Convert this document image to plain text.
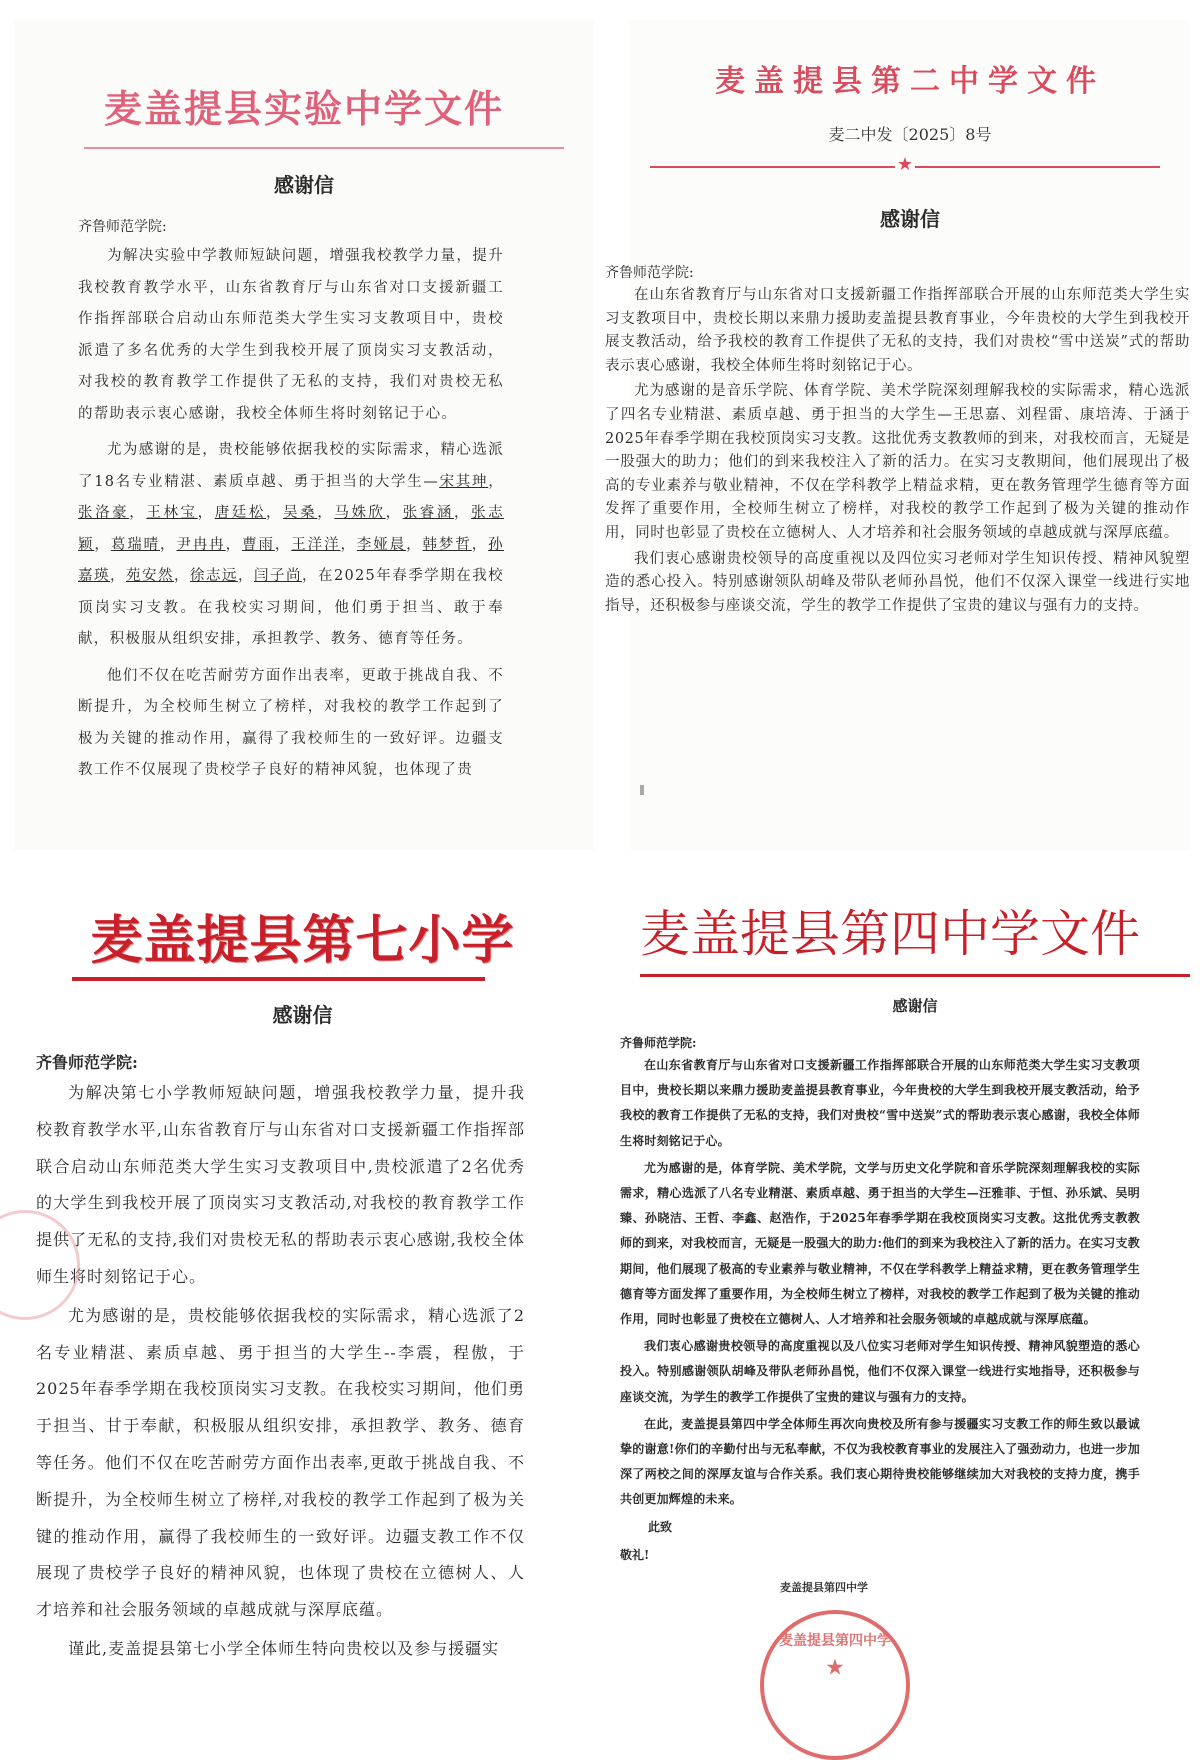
麦盖提县实验中学文件
感谢信
齐鲁师范学院:

为解决实验中学教师短缺问题，增强我校教学力量，提升我校教育教学水平，山东省教育厅与山东省对口支援新疆工作指挥部联合启动山东师范类大学生实习支教项目中，贵校派遣了多名优秀的大学生到我校开展了顶岗实习支教活动，对我校的教育教学工作提供了无私的支持，我们对贵校无私的帮助表示衷心感谢，我校全体师生将时刻铭记于心。

尤为感谢的是，贵校能够依据我校的实际需求，精心选派了18名专业精湛、素质卓越、勇于担当的大学生—宋其珅，张洛豪，王林宝，唐廷松，吴桑，马姝欣，张睿涵，张志颖，葛瑞晴，尹冉冉，曹雨，王洋洋，李娅晨，韩梦哲，孙嘉瑛，苑安然，徐志远，闫子尚，在2025年春季学期在我校顶岗实习支教。在我校实习期间，他们勇于担当、敢于奉献，积极服从组织安排，承担教学、教务、德育等任务。

他们不仅在吃苦耐劳方面作出表率，更敢于挑战自我、不断提升，为全校师生树立了榜样，对我校的教学工作起到了极为关键的推动作用，赢得了我校师生的一致好评。边疆支教工作不仅展现了贵校学子良好的精神风貌，也体现了贵

麦盖提县第二中学文件
麦二中发〔2025〕8号
★
感谢信
齐鲁师范学院:

在山东省教育厅与山东省对口支援新疆工作指挥部联合开展的山东师范类大学生实习支教项目中，贵校长期以来鼎力援助麦盖提县教育事业，今年贵校的大学生到我校开展支教活动，给予我校的教育工作提供了无私的支持，我们对贵校“雪中送炭”式的帮助表示衷心感谢，我校全体师生将时刻铭记于心。

尤为感谢的是音乐学院、体育学院、美术学院深刻理解我校的实际需求，精心选派了四名专业精湛、素质卓越、勇于担当的大学生—王思嘉、刘程雷、康培涛、于涵于2025年春季学期在我校顶岗实习支教。这批优秀支教教师的到来，对我校而言，无疑是一股强大的助力；他们的到来我校注入了新的活力。在实习支教期间，他们展现出了极高的专业素养与敬业精神，不仅在学科教学上精益求精，更在教务管理学生德育等方面发挥了重要作用，全校师生树立了榜样，对我校的教学工作起到了极为关键的推动作用，同时也彰显了贵校在立德树人、人才培养和社会服务领域的卓越成就与深厚底蕴。

我们衷心感谢贵校领导的高度重视以及四位实习老师对学生知识传授、精神风貌塑造的悉心投入。特别感谢领队胡峰及带队老师孙昌悦，他们不仅深入课堂一线进行实地指导，还积极参与座谈交流，学生的教学工作提供了宝贵的建议与强有力的支持。

麦盖提县第七小学
感谢信
齐鲁师范学院:

为解决第七小学教师短缺问题，增强我校教学力量，提升我校教育教学水平,山东省教育厅与山东省对口支援新疆工作指挥部联合启动山东师范类大学生实习支教项目中,贵校派遣了2名优秀的大学生到我校开展了顶岗实习支教活动,对我校的教育教学工作提供了无私的支持,我们对贵校无私的帮助表示衷心感谢,我校全体师生将时刻铭记于心。

尤为感谢的是，贵校能够依据我校的实际需求，精心选派了2名专业精湛、素质卓越、勇于担当的大学生--李震，程傲，于2025年春季学期在我校顶岗实习支教。在我校实习期间，他们勇于担当、甘于奉献，积极服从组织安排，承担教学、教务、德育等任务。他们不仅在吃苦耐劳方面作出表率,更敢于挑战自我、不断提升，为全校师生树立了榜样,对我校的教学工作起到了极为关键的推动作用，赢得了我校师生的一致好评。边疆支教工作不仅展现了贵校学子良好的精神风貌，也体现了贵校在立德树人、人才培养和社会服务领域的卓越成就与深厚底蕴。

谨此,麦盖提县第七小学全体师生特向贵校以及参与援疆实

麦盖提县第四中学文件
感谢信
齐鲁师范学院:

在山东省教育厅与山东省对口支援新疆工作指挥部联合开展的山东师范类大学生实习支教项目中，贵校长期以来鼎力援助麦盖提县教育事业，今年贵校的大学生到我校开展支教活动，给予我校的教育工作提供了无私的支持，我们对贵校“雪中送炭”式的帮助表示衷心感谢，我校全体师生将时刻铭记于心。

尤为感谢的是，体育学院、美术学院，文学与历史文化学院和音乐学院深刻理解我校的实际需求，精心选派了八名专业精湛、素质卓越、勇于担当的大学生—汪雅菲、于恒、孙乐斌、吴明臻、孙晓洁、王哲、李鑫、赵浩作，于2025年春季学期在我校顶岗实习支教。这批优秀支教教师的到来，对我校而言，无疑是一股强大的助力:他们的到来为我校注入了新的活力。在实习支教期间，他们展现了极高的专业素养与敬业精神，不仅在学科教学上精益求精，更在教务管理学生德育等方面发挥了重要作用，为全校师生树立了榜样，对我校的教学工作起到了极为关键的推动作用，同时也彰显了贵校在立德树人、人才培养和社会服务领域的卓越成就与深厚底蕴。

我们衷心感谢贵校领导的高度重视以及八位实习老师对学生知识传授、精神风貌塑造的悉心投入。特别感谢领队胡峰及带队老师孙昌悦，他们不仅深入课堂一线进行实地指导，还积极参与座谈交流，为学生的教学工作提供了宝贵的建议与强有力的支持。

在此，麦盖提县第四中学全体师生再次向贵校及所有参与援疆实习支教工作的师生致以最诚挚的谢意!你们的辛勤付出与无私奉献，不仅为我校教育事业的发展注入了强劲动力，也进一步加深了两校之间的深厚友谊与合作关系。我们衷心期待贵校能够继续加大对我校的支持力度，携手共创更加辉煌的未来。

此致
敬礼!
麦盖提县第四中学
麦盖提县第四中学
★
